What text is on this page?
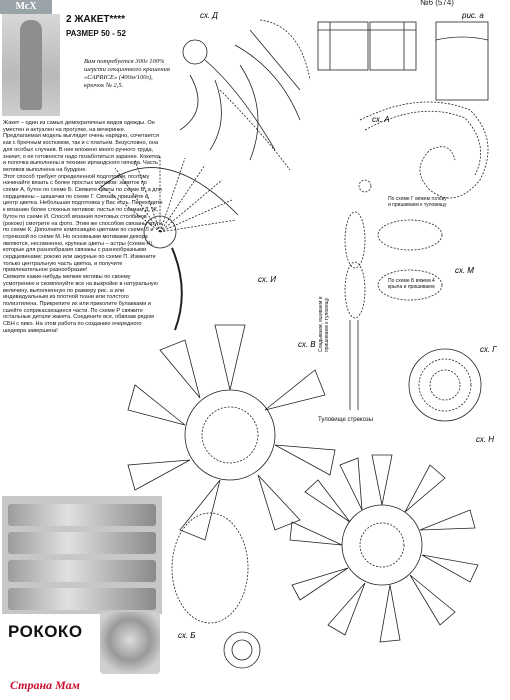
МсХ	№6 (574)
2 ЖАКЕТ****
РАЗМЕР 50 - 52
Вам потребуется 300г 100% шерсти секционного крашения «CAPRICE» (400м/100г), крючок № 2,5.

Жакет – один из самых демократичных видов одежды. Он уместен и актуален на прогулке, на вечеринке.

Предлагаемая модель выглядит очень нарядно, сочетается как с брючным костюмом, так и с платьем. Безусловно, она для особых случаев. В нее вложено много ручного труда, значит, о ее готовности надо позаботиться заранее. Кокетка и полочка выполнены в технике ирландского гипюра. Часть мотивов выполнена на бурдоне.

Этот способ требует определенной подготовки, поэтому начинайте вязать с более простых мотивов: завиток по схеме А, бутон по схеме Б. Свяжите цветы по схеме В, а для сердцевины – шишечки по схеме Г. Связав, пришейте в центр цветка. Небольшая подготовка у Вас есть. Переходите к вязанию более сложных мотивов: листья по схемам Д, Ж, бутон по схеме И. Способ вязания почтовых столбиков (рококо) смотрите на фото. Этим же способом связаны круги по схеме К. Дополните композицию цветами по схеме Л и стрекозой по схеме М. Но основными мотивами декора являются, несомненно, крупные цветы – астры (схема Н), которые для разнообразия связаны с разнообразными сердцевинами: рококо или ажурные по схеме П. Измените только центральную часть цветка, и получите привлекательное разнообразие!

Свяжите какие-нибудь мелкие мотивы по своему усмотрению и скомпонуйте все на выкройке в натуральную величину, выполненную по размеру рис. а или индивидуальным из плотной ткани или толстого полиэтилена. Прикрепите их или приколите булавками и сшейте соприкасающиеся части. По схеме Р свяжите остальные детали жакета. Соедините все, обвязав рядом СБН с пико. На этом работа по созданию очередного шедевра завершена!

РОКОКО
сх. Д
сх. А
сх. И
сх. М
сх. Г
сх. В
сх. Н
сх. Б
рис. а
По схеме Г вяжем голову и пришиваем к туловищу
По схеме Б вяжем 4 крыла и пришиваем
Сладываем, вшиваем и пришиваем к туловищу
Туловище стрекозы
Страна Мам
